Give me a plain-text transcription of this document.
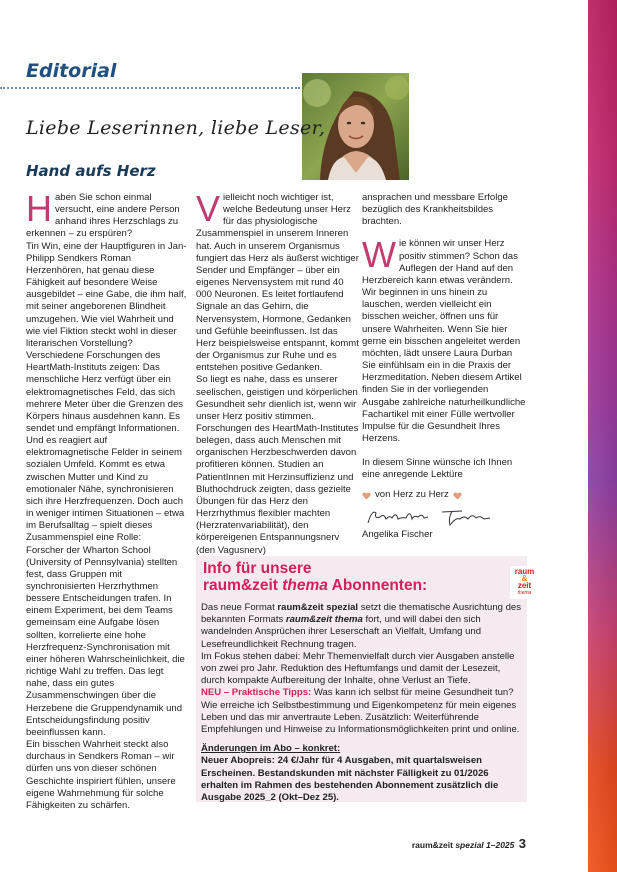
Editorial
Liebe Leserinnen, liebe Leser,
Hand aufs Herz
H aben Sie schon einmal versucht, eine andere Person anhand ihres Herzschlags zu erkennen – zu erspüren?
Tin Win, eine der Hauptfiguren in Jan-Philipp Sendkers Roman Herzenhören, hat genau diese Fähigkeit auf besondere Weise ausgebildet – eine Gabe, die ihm half, mit seiner angeborenen Blindheit umzugehen. Wie viel Wahrheit und wie viel Fiktion steckt wohl in dieser literarischen Vorstellung?
Verschiedene Forschungen des HeartMath-Instituts zeigen: Das menschliche Herz verfügt über ein elektromagnetisches Feld, das sich mehrere Meter über die Grenzen des Körpers hinaus ausdehnen kann. Es sendet und empfängt Informationen. Und es reagiert auf elektromagnetische Felder in seinem sozialen Umfeld. Kommt es etwa zwischen Mutter und Kind zu emotionaler Nähe, synchronisieren sich ihre Herzfrequenzen. Doch auch in weniger intimen Situationen – etwa im Berufsalltag – spielt dieses Zusammenspiel eine Rolle:
Forscher der Wharton School (University of Pennsylvania) stellten fest, dass Gruppen mit synchronisierten Herzrhythmen bessere Entscheidungen trafen. In einem Experiment, bei dem Teams gemeinsam eine Aufgabe lösen sollten, korrelierte eine hohe Herzfrequenz-Synchronisation mit einer höheren Wahrscheinlichkeit, die richtige Wahl zu treffen. Das legt nahe, dass ein gutes Zusammenschwingen über die Herzebene die Gruppendynamik und Entscheidungsfindung positiv beeinflussen kann.
Ein bisschen Wahrheit steckt also durchaus in Sendkers Roman – wir dürfen uns von dieser schönen Geschichte inspiriert fühlen, unsere eigene Wahrnehmung für solche Fähigkeiten zu schärfen.

V ielleicht noch wichtiger ist, welche Bedeutung unser Herz für das physiologische Zusammenspiel in unserem Inneren hat. Auch in unserem Organismus fungiert das Herz als äußerst wichtiger Sender und Empfänger – über ein eigenes Nervensystem mit rund 40 000 Neuronen. Es leitet fortlaufend Signale an das Gehirn, die Nervensystem, Hormone, Gedanken und Gefühle beeinflussen. Ist das Herz beispielsweise entspannt, kommt der Organismus zur Ruhe und es entstehen positive Gedanken.
So liegt es nahe, dass es unserer seelischen, geistigen und körperlichen Gesundheit sehr dienlich ist, wenn wir unser Herz positiv stimmen. Forschungen des HeartMath-Institutes belegen, dass auch Menschen mit organischen Herzbeschwerden davon profitieren können. Studien an PatientInnen mit Herzinsuffizienz und Bluthochdruck zeigten, dass gezielte Übungen für das Herz den Herzrhythmus flexibler machten (Herzratenvariabilität), den körpereigenen Entspannungsnerv (den Vagusnerv)

ansprachen und messbare Erfolge bezüglich des Krankheitsbildes brachten.

W ie können wir unser Herz positiv stimmen? Schon das Auflegen der Hand auf den Herzbereich kann etwas verändern. Wir beginnen in uns hinein zu lauschen, werden vielleicht ein bisschen weicher, öffnen uns für unsere Wahrheiten. Wenn Sie hier gerne ein bisschen angeleitet werden möchten, lädt unsere Laura Durban Sie einfühlsam ein in die Praxis der Herzmeditation. Neben diesem Artikel finden Sie in der vorliegenden Ausgabe zahlreiche naturheilkundliche Fachartikel mit einer Fülle wertvoller Impulse für die Gesundheit Ihres Herzens.

In diesem Sinne wünsche ich Ihnen eine anregende Lektüre

von Herz zu Herz

Angelika Fischer

Info für unsere
raum&zeit thema Abonnenten:
raum
&
zeit
thema

Das neue Format raum&zeit spezial setzt die thematische Ausrichtung des bekannten Formats raum&zeit thema fort, und will dabei den sich wandelnden Ansprüchen ihrer Leserschaft an Vielfalt, Umfang und Lesefreundlichkeit Rechnung tragen.

Im Fokus stehen dabei: Mehr Themenvielfalt durch vier Ausgaben anstelle von zwei pro Jahr. Reduktion des Heftumfangs und damit der Lesezeit, durch kompakte Aufbereitung der Inhalte, ohne Verlust an Tiefe.

NEU – Praktische Tipps: Was kann ich selbst für meine Gesundheit tun? Wie erreiche ich Selbstbestimmung und Eigenkompetenz für mein eigenes Leben und das mir anvertraute Leben. Zusätzlich: Weiterführende Empfehlungen und Hinweise zu Informationsmöglichkeiten print und online.

Änderungen im Abo – konkret:

Neuer Abopreis: 24 €/Jahr für 4 Ausgaben, mit quartalsweisen Erscheinen. Bestandskunden mit nächster Fälligkeit zu 01/2026 erhalten im Rahmen des bestehenden Abonnement zusätzlich die Ausgabe 2025_2 (Okt–Dez 25).

raum&zeit spezial 1–2025 3
